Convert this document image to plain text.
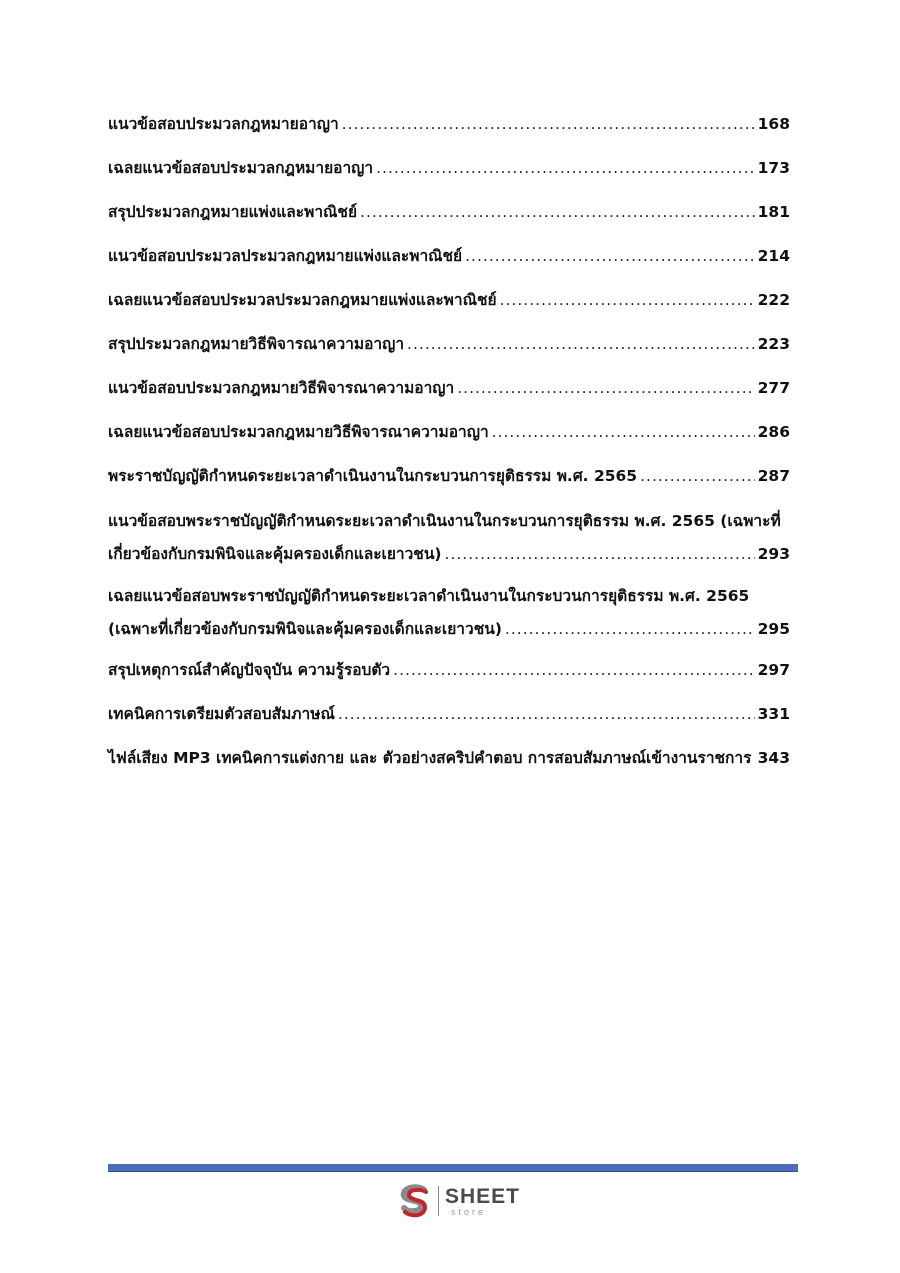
แนวข้อสอบประมวลกฎหมายอาญา .....	168
เฉลยแนวข้อสอบประมวลกฎหมายอาญา .....	173
สรุปประมวลกฎหมายแพ่งและพาณิชย์ .....	181
แนวข้อสอบประมวลประมวลกฎหมายแพ่งและพาณิชย์ .....	214
เฉลยแนวข้อสอบประมวลประมวลกฎหมายแพ่งและพาณิชย์ .....	222
สรุปประมวลกฎหมายวิธีพิจารณาความอาญา .....	223
แนวข้อสอบประมวลกฎหมายวิธีพิจารณาความอาญา .....	277
เฉลยแนวข้อสอบประมวลกฎหมายวิธีพิจารณาความอาญา .....	286
พระราชบัญญัติกำหนดระยะเวลาดำเนินงานในกระบวนการยุติธรรม พ.ศ. 2565 .....	287
แนวข้อสอบพระราชบัญญัติกำหนดระยะเวลาดำเนินงานในกระบวนการยุติธรรม พ.ศ. 2565 (เฉพาะที่
เกี่ยวข้องกับกรมพินิจและคุ้มครองเด็กและเยาวชน) .....	293
เฉลยแนวข้อสอบพระราชบัญญัติกำหนดระยะเวลาดำเนินงานในกระบวนการยุติธรรม พ.ศ. 2565
(เฉพาะที่เกี่ยวข้องกับกรมพินิจและคุ้มครองเด็กและเยาวชน) .....	295
สรุปเหตุการณ์สำคัญปัจจุบัน ความรู้รอบตัว .....	297
เทคนิคการเตรียมตัวสอบสัมภาษณ์ .....	331
ไฟล์เสียง MP3 เทคนิคการแต่งกาย และ ตัวอย่างสคริปคำตอบ การสอบสัมภาษณ์เข้างานราชการ ..... 343
SHEET
store
